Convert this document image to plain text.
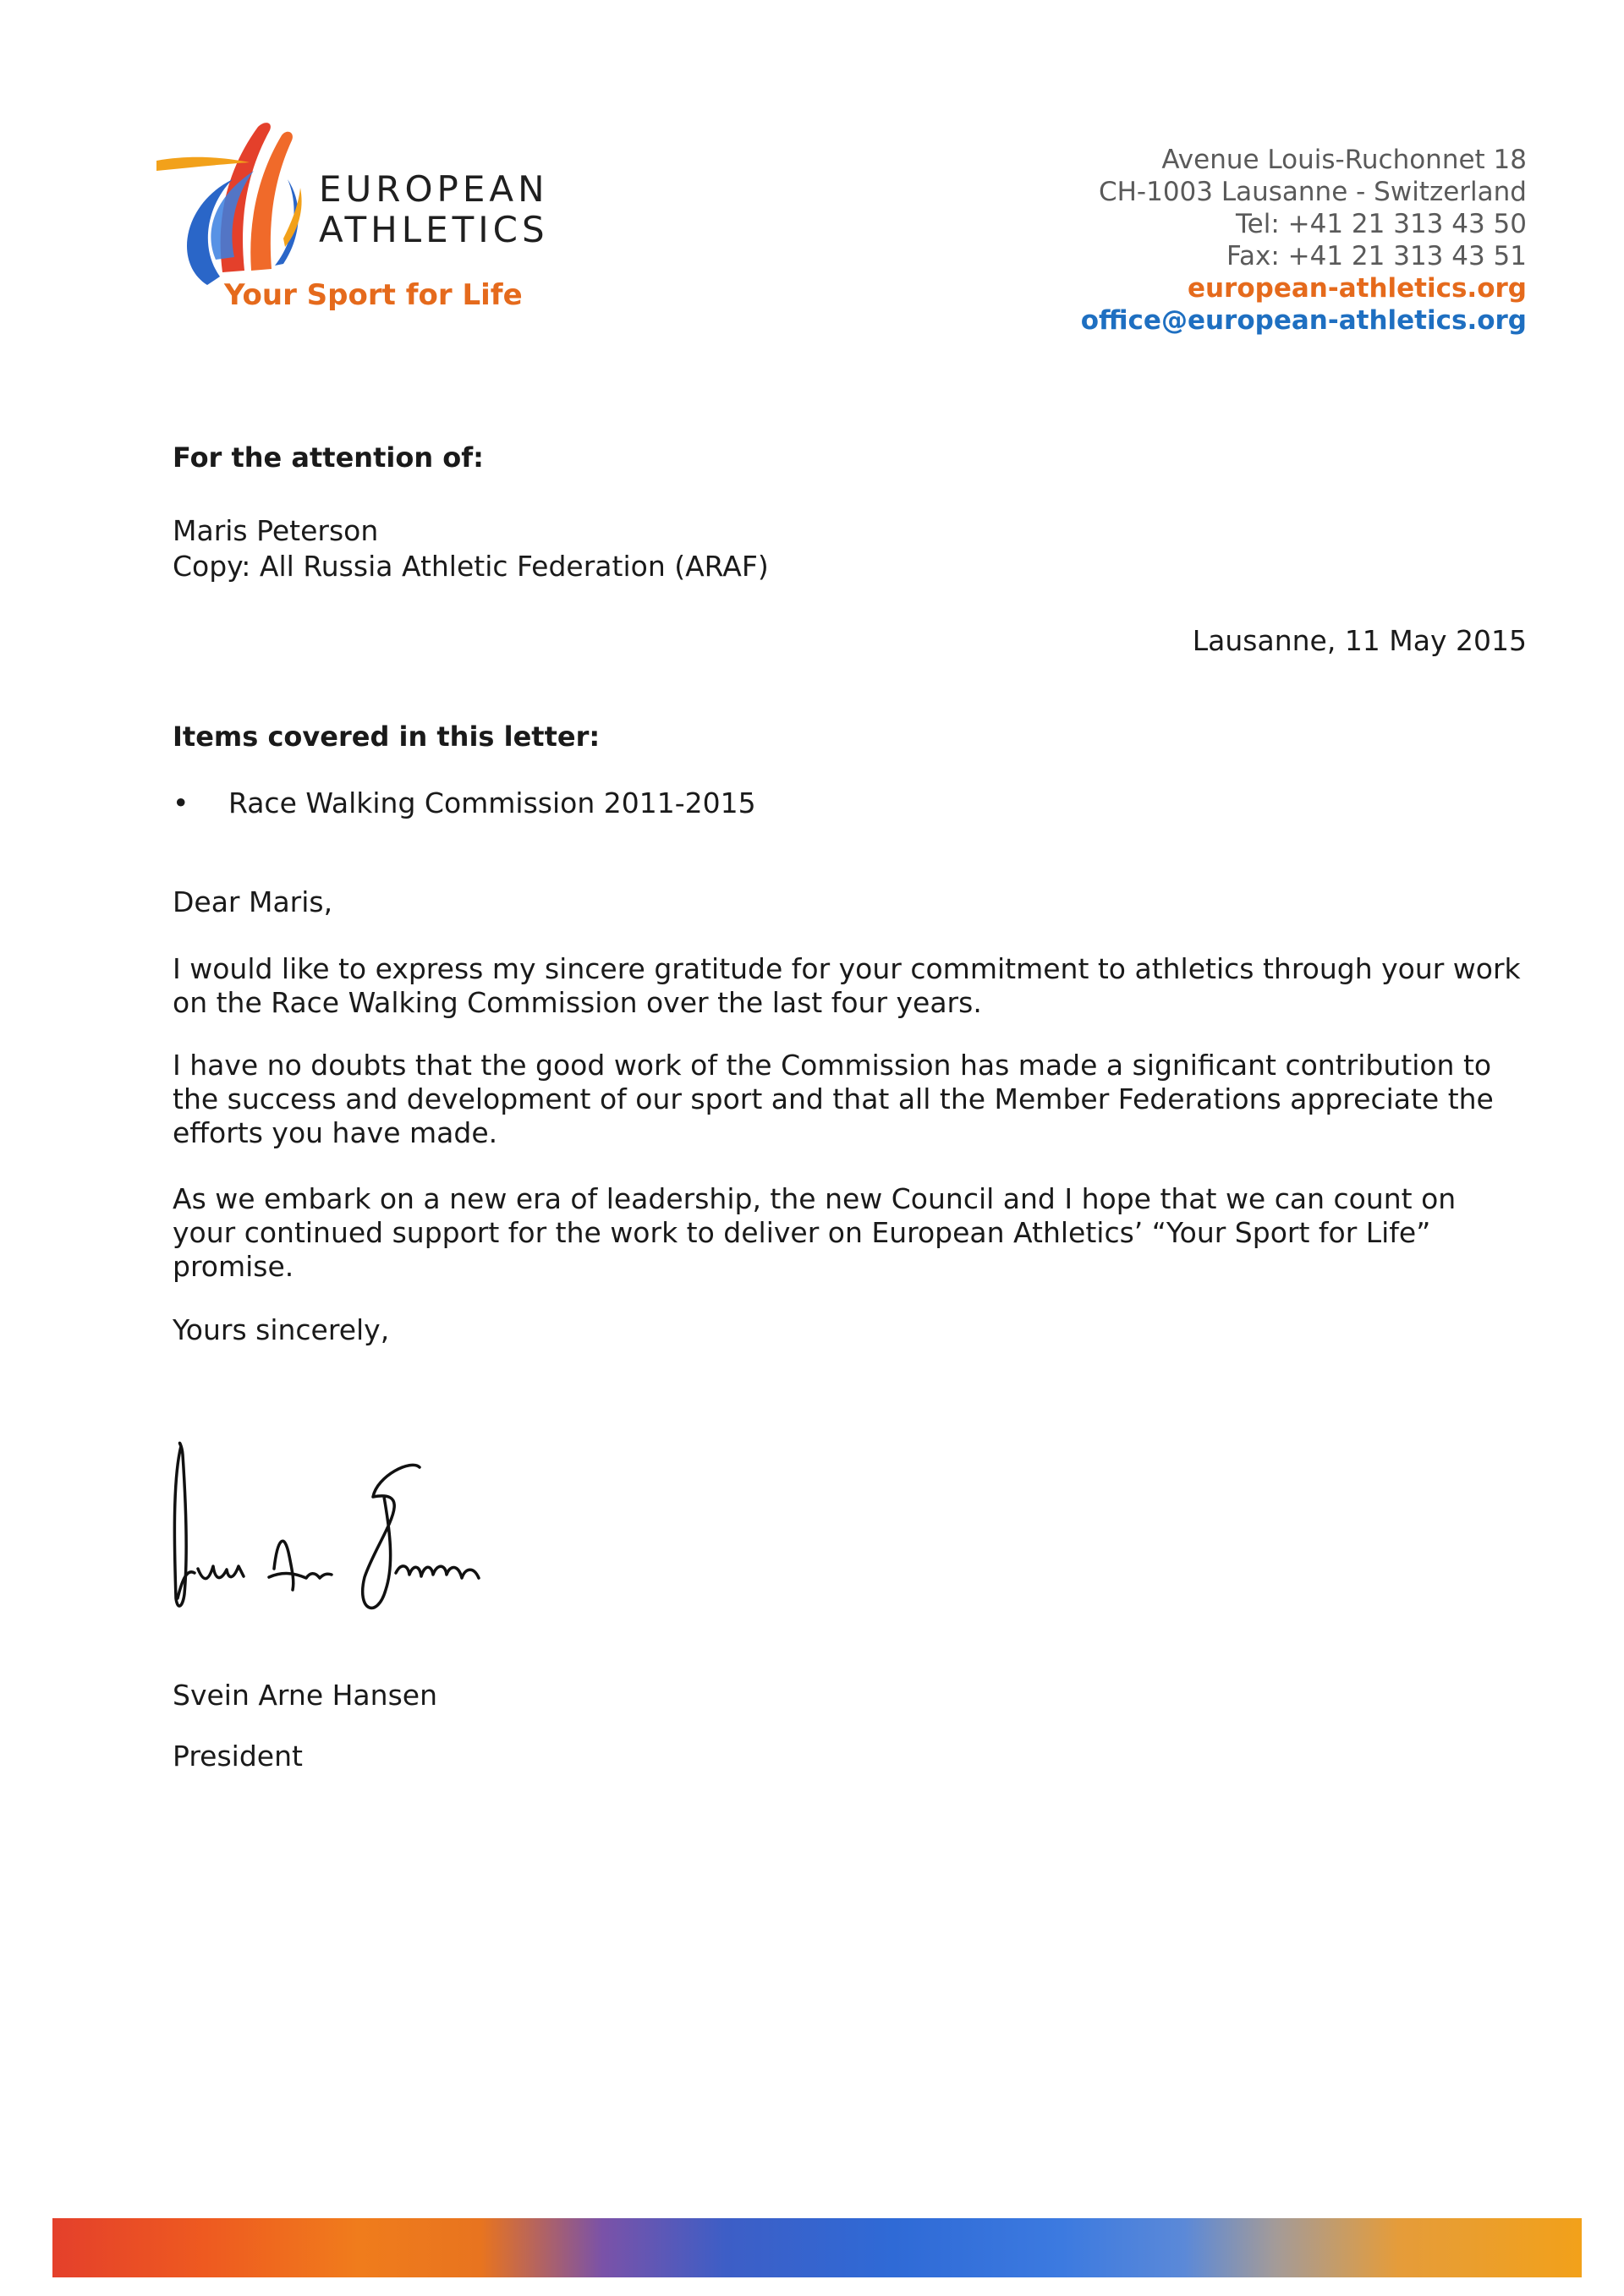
EUROPEAN
ATHLETICS
Your Sport for Life
Avenue Louis-Ruchonnet 18
CH-1003 Lausanne - Switzerland
Tel: +41 21 313 43 50
Fax: +41 21 313 43 51
european-athletics.org
office@european-athletics.org
For the attention of:
Maris Peterson
Copy: All Russia Athletic Federation (ARAF)
Lausanne, 11 May 2015
Items covered in this letter:
• Race Walking Commission 2011-2015
Dear Maris,
I would like to express my sincere gratitude for your commitment to athletics through your work
on the Race Walking Commission over the last four years.
I have no doubts that the good work of the Commission has made a significant contribution to
the success and development of our sport and that all the Member Federations appreciate the
efforts you have made.
As we embark on a new era of leadership, the new Council and I hope that we can count on
your continued support for the work to deliver on European Athletics’ “Your Sport for Life”
promise.
Yours sincerely,
Svein Arne Hansen
President
